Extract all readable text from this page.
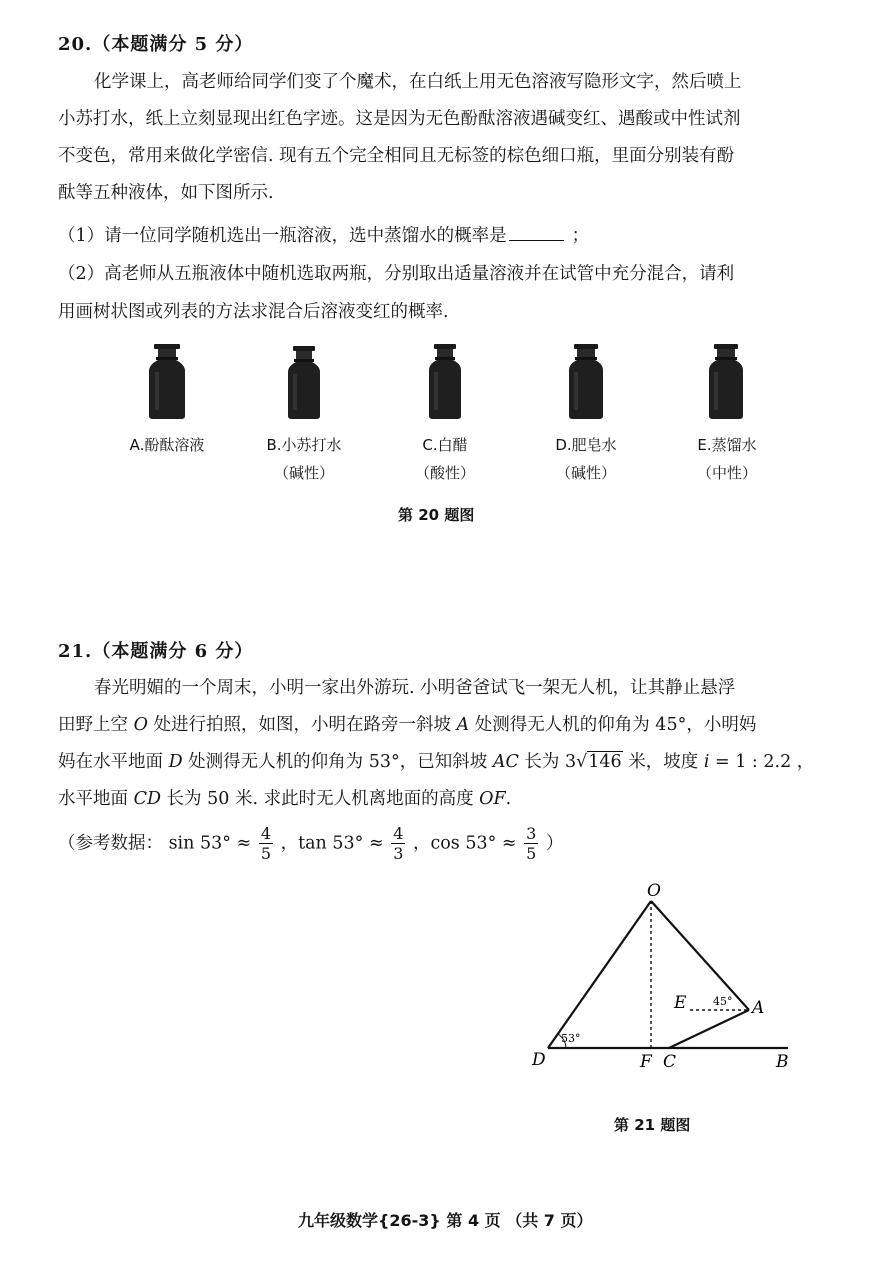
20.（本题满分 5 分）
化学课上，高老师给同学们变了个魔术，在白纸上用无色溶液写隐形文字，然后喷上
小苏打水，纸上立刻显现出红色字迹。这是因为无色酚酞溶液遇碱变红、遇酸或中性试剂
不变色，常用来做化学密信. 现有五个完全相同且无标签的棕色细口瓶，里面分别装有酚
酞等五种液体，如下图所示.
（1）请一位同学随机选出一瓶溶液，选中蒸馏水的概率是	；
（2）高老师从五瓶液体中随机选取两瓶，分别取出适量溶液并在试管中充分混合，请利
用画树状图或列表的方法求混合后溶液变红的概率.
A.酚酞溶液	B.小苏打水
（碱性）
C.白醋
（酸性）
D.肥皂水
（碱性）
E.蒸馏水
（中性）
第 20 题图
21.（本题满分 6 分）
春光明媚的一个周末，小明一家出外游玩. 小明爸爸试飞一架无人机，让其静止悬浮
田野上空 O 处进行拍照，如图，小明在路旁一斜坡 A 处测得无人机的仰角为 45°，小明妈
妈在水平地面 D 处测得无人机的仰角为 53°，已知斜坡 AC 长为 3√146 米，坡度 i = 1 : 2.2 ，
水平地面 CD 长为 50 米. 求此时无人机离地面的高度 OF.
（参考数据： $\sin 53^\circ \approx \frac{4}{5}$ ，$\tan 53^\circ \approx \frac{4}{3}$ ，$\cos 53^\circ \approx \frac{3}{5}$ ）
O
E	A
D	F C	B
53°
45°
第 21 题图
九年级数学{26-3} 第 4 页 （共 7 页）
